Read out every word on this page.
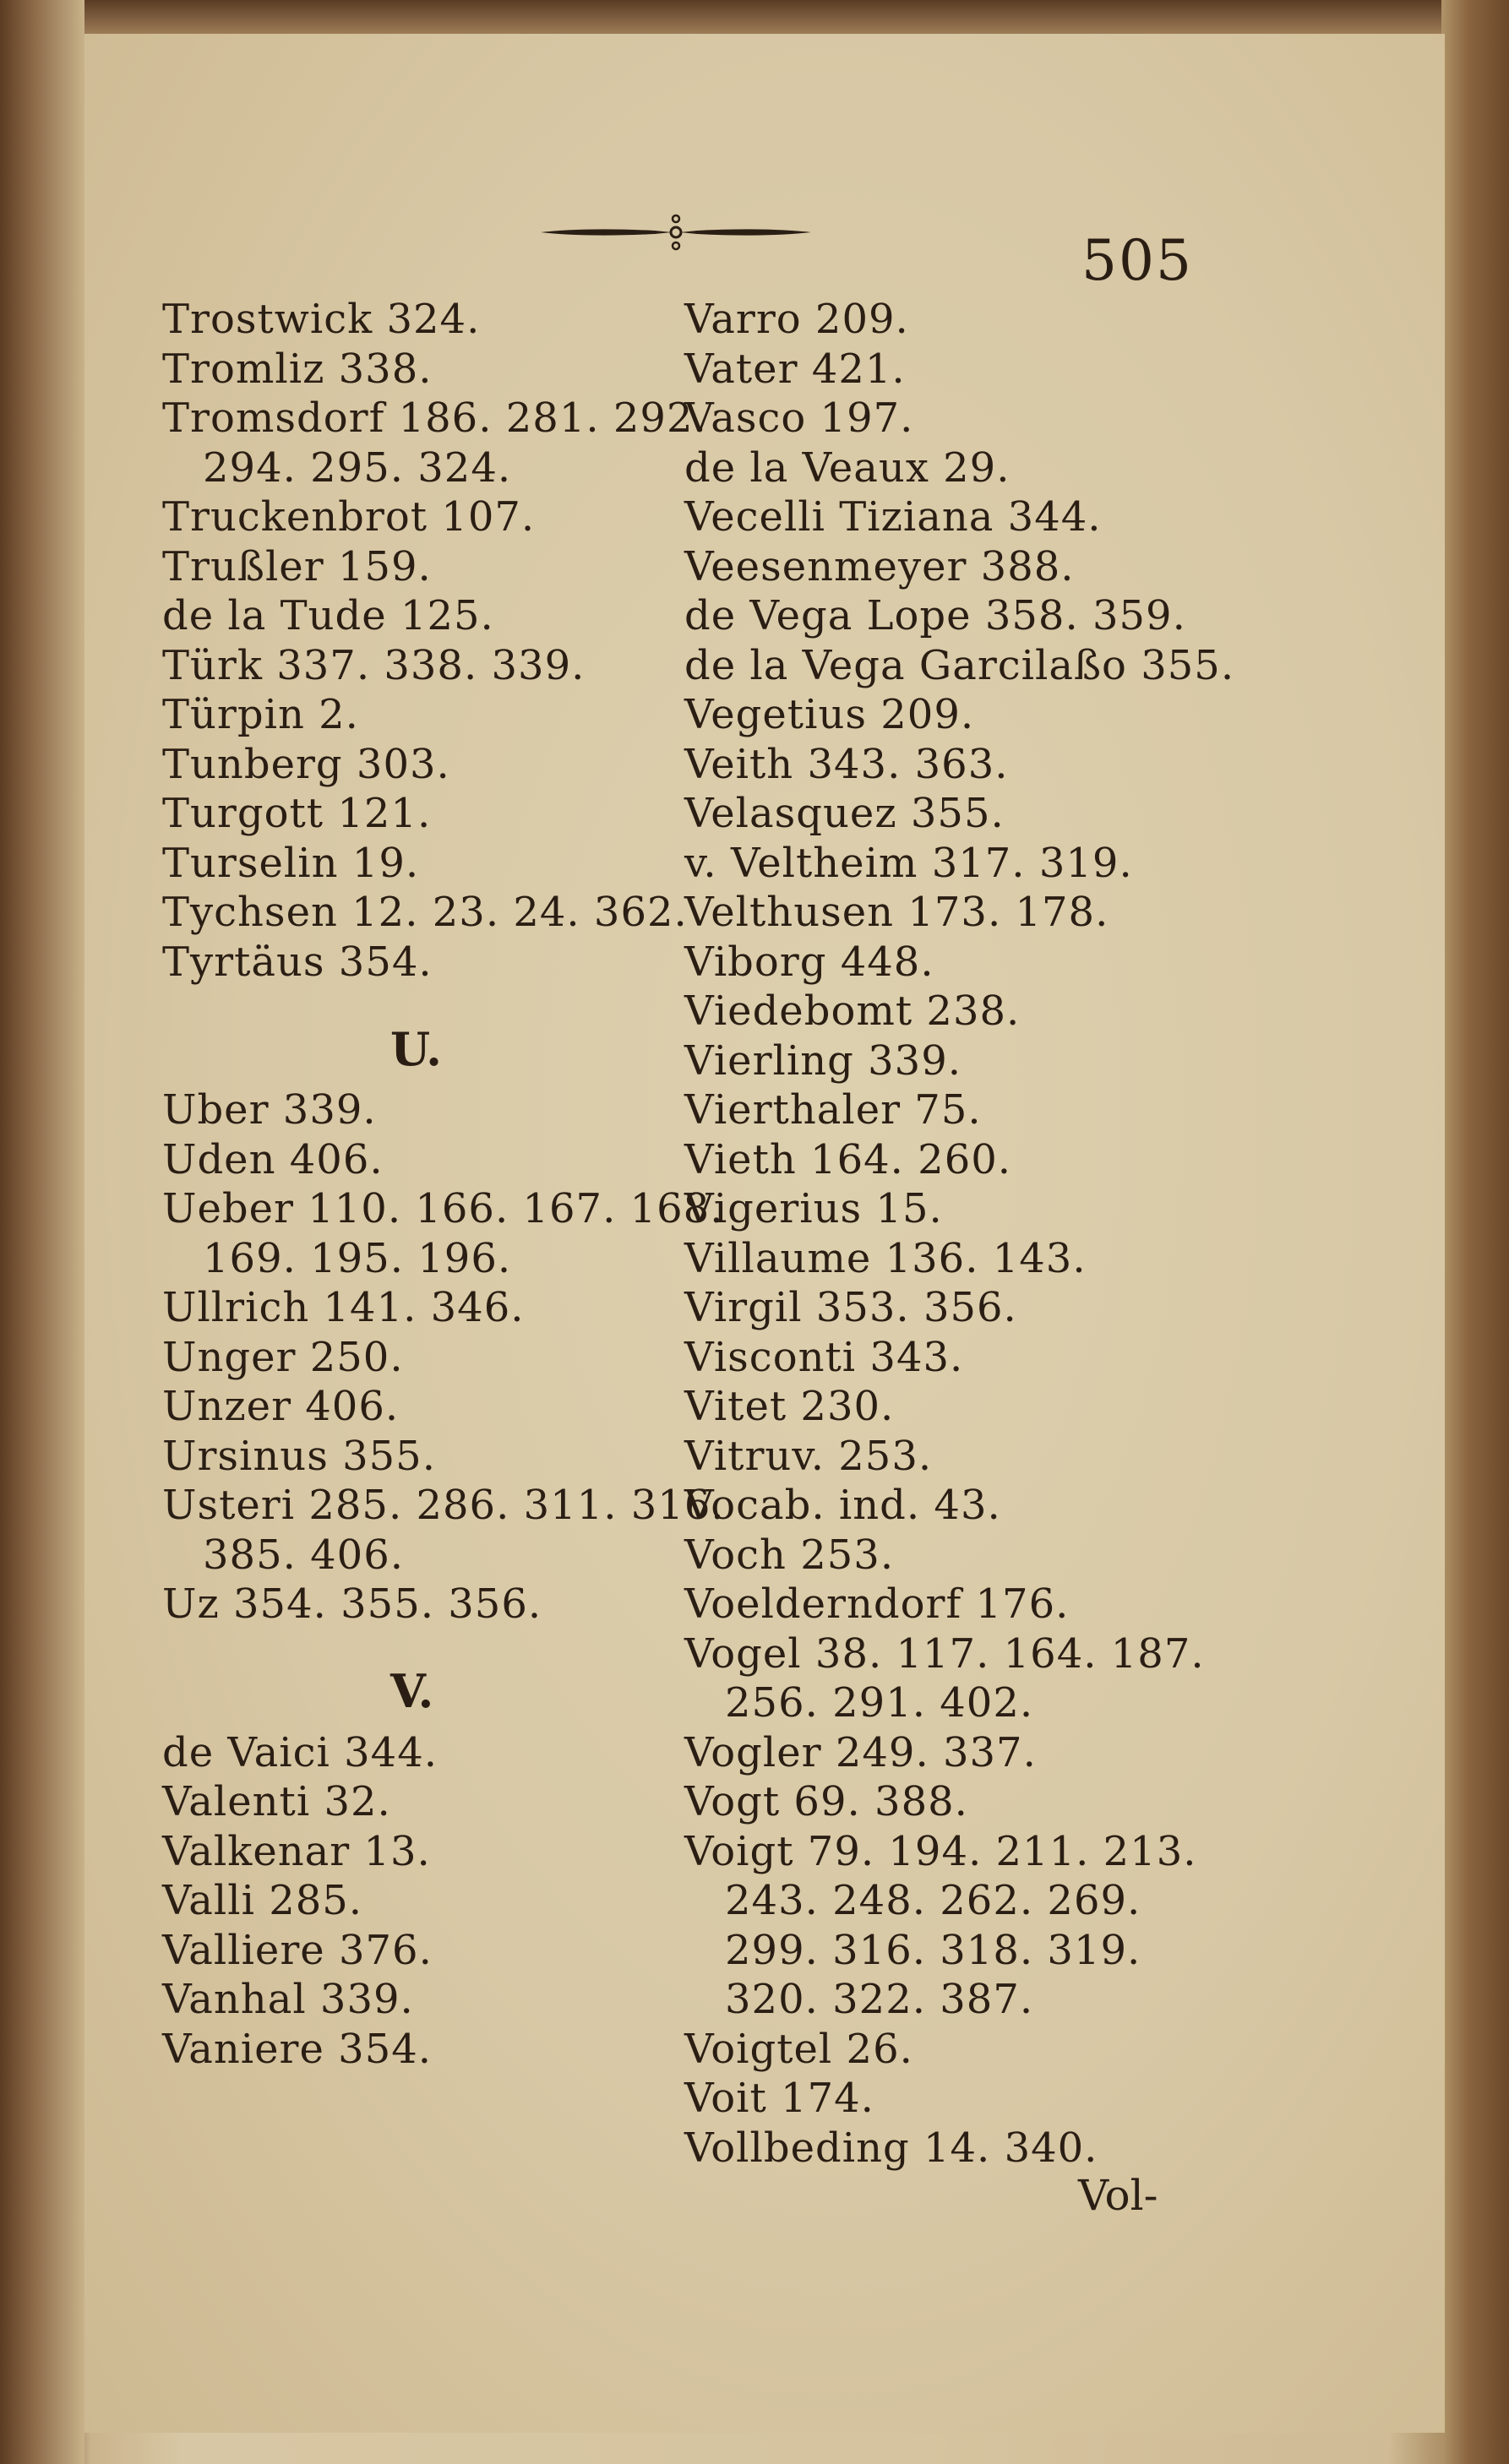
505
Trostwick 324.
Tromliz 338.
Tromsdorf 186. 281. 292.
294. 295. 324.
Truckenbrot 107.
Trußler 159.
de la Tude 125.
Türk 337. 338. 339.
Türpin 2.
Tunberg 303.
Turgott 121.
Turselin 19.
Tychsen 12. 23. 24. 362.
Tyrtäus 354.
U.
Uber 339.
Uden 406.
Ueber 110. 166. 167. 168.
169. 195. 196.
Ullrich 141. 346.
Unger 250.
Unzer 406.
Ursinus 355.
Usteri 285. 286. 311. 316.
385. 406.
Uz 354. 355. 356.
V.
de Vaici 344.
Valenti 32.
Valkenar 13.
Valli 285.
Valliere 376.
Vanhal 339.
Vaniere 354.
Varro 209.
Vater 421.
Vasco 197.
de la Veaux 29.
Vecelli Tiziana 344.
Veesenmeyer 388.
de Vega Lope 358. 359.
de la Vega Garcilaßo 355.
Vegetius 209.
Veith 343. 363.
Velasquez 355.
v. Veltheim 317. 319.
Velthusen 173. 178.
Viborg 448.
Viedebomt 238.
Vierling 339.
Vierthaler 75.
Vieth 164. 260.
Vigerius 15.
Villaume 136. 143.
Virgil 353. 356.
Visconti 343.
Vitet 230.
Vitruv. 253.
Vocab. ind. 43.
Voch 253.
Voelderndorf 176.
Vogel 38. 117. 164. 187.
256. 291. 402.
Vogler 249. 337.
Vogt 69. 388.
Voigt 79. 194. 211. 213.
243. 248. 262. 269.
299. 316. 318. 319.
320. 322. 387.
Voigtel 26.
Voit 174.
Vollbeding 14. 340.
Vol-
